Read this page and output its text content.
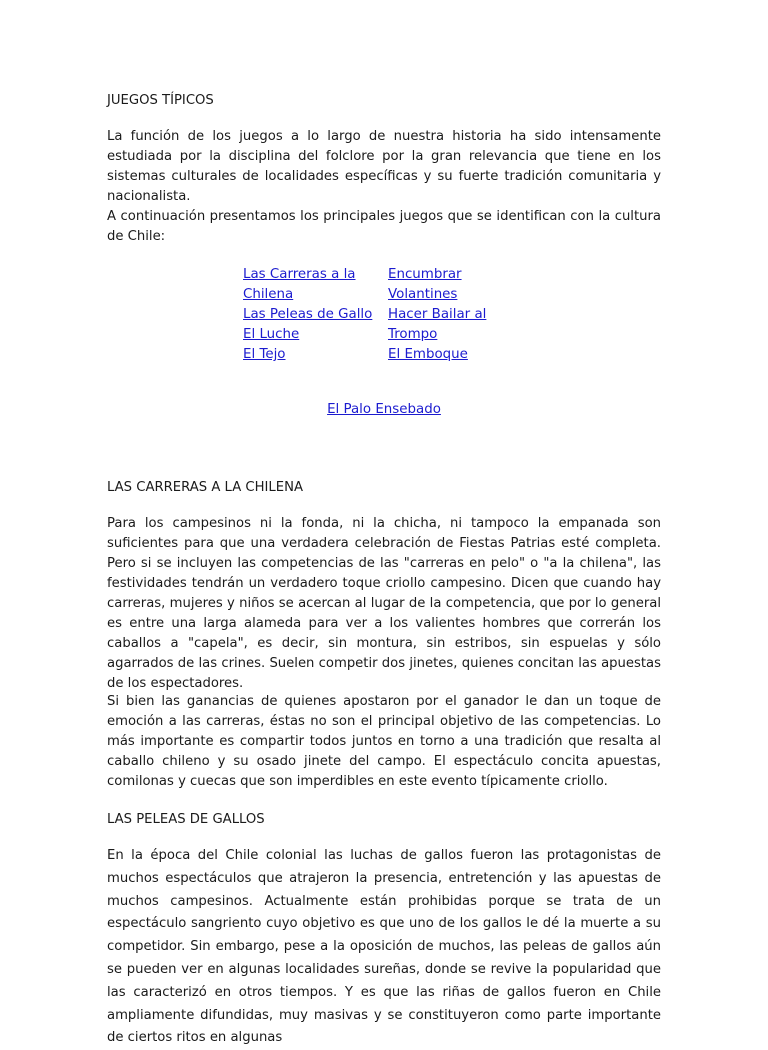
JUEGOS TÍPICOS

La función de los juegos a lo largo de nuestra historia ha sido intensamente estudiada por la disciplina del folclore por la gran relevancia que tiene en los sistemas culturales de localidades específicas y su fuerte tradición comunitaria y nacionalista.

A continuación presentamos los principales juegos que se identifican con la cultura de Chile:

Las Carreras a la Chilena
Las Peleas de Gallo
El Luche
El Tejo
Encumbrar Volantines
Hacer Bailar al Trompo
El Emboque
El Palo Ensebado
LAS CARRERAS A LA CHILENA

Para los campesinos ni la fonda, ni la chicha, ni tampoco la empanada son suficientes para que una verdadera celebración de Fiestas Patrias esté completa. Pero si se incluyen las competencias de las "carreras en pelo" o "a la chilena", las festividades tendrán un verdadero toque criollo campesino. Dicen que cuando hay carreras, mujeres y niños se acercan al lugar de la competencia, que por lo general es entre una larga alameda para ver a los valientes hombres que correrán los caballos a "capela", es decir, sin montura, sin estribos, sin espuelas y sólo agarrados de las crines. Suelen competir dos jinetes, quienes concitan las apuestas de los espectadores.

Si bien las ganancias de quienes apostaron por el ganador le dan un toque de emoción a las carreras, éstas no son el principal objetivo de las competencias. Lo más importante es compartir todos juntos en torno a una tradición que resalta al caballo chileno y su osado jinete del campo. El espectáculo concita apuestas, comilonas y cuecas que son imperdibles en este evento típicamente criollo.

LAS PELEAS DE GALLOS

En la época del Chile colonial las luchas de gallos fueron las protagonistas de muchos espectáculos que atrajeron la presencia, entretención y las apuestas de muchos campesinos. Actualmente están prohibidas porque se trata de un espectáculo sangriento cuyo objetivo es que uno de los gallos le dé la muerte a su competidor. Sin embargo, pese a la oposición de muchos, las peleas de gallos aún se pueden ver en algunas localidades sureñas, donde se revive la popularidad que las caracterizó en otros tiempos. Y es que las riñas de gallos fueron en Chile ampliamente difundidas, muy masivas y se constituyeron como parte importante de ciertos ritos en algunas
